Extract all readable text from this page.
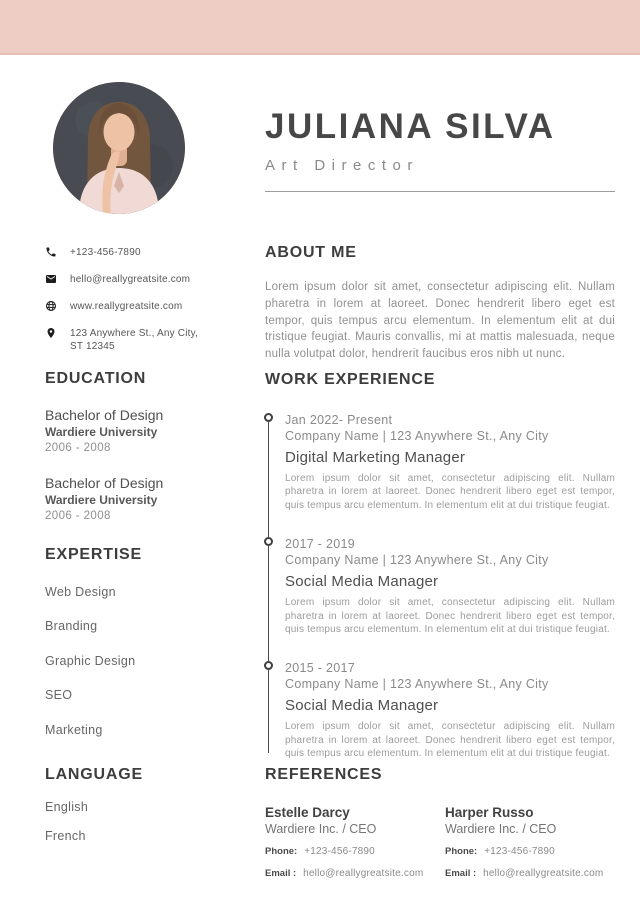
JULIANA SILVA
Art Director
+123-456-7890
hello@reallygreatsite.com
www.reallygreatsite.com
123 Anywhere St., Any City, ST 12345
EDUCATION
Bachelor of Design
Wardiere University
2006 - 2008
Bachelor of Design
Wardiere University
2006 - 2008
EXPERTISE
Web Design
Branding
Graphic Design
SEO
Marketing
LANGUAGE
English
French
ABOUT ME
Lorem ipsum dolor sit amet, consectetur adipiscing elit. Nullam pharetra in lorem at laoreet. Donec hendrerit libero eget est tempor, quis tempus arcu elementum. In elementum elit at dui tristique feugiat. Mauris convallis, mi at mattis malesuada, neque nulla volutpat dolor, hendrerit faucibus eros nibh ut nunc.
WORK EXPERIENCE
Jan 2022- Present
Company Name | 123 Anywhere St., Any City
Digital Marketing Manager
Lorem ipsum dolor sit amet, consectetur adipiscing elit. Nullam pharetra in lorem at laoreet. Donec hendrerit libero eget est tempor, quis tempus arcu elementum. In elementum elit at dui tristique feugiat.
2017 - 2019
Company Name | 123 Anywhere St., Any City
Social Media Manager
Lorem ipsum dolor sit amet, consectetur adipiscing elit. Nullam pharetra in lorem at laoreet. Donec hendrerit libero eget est tempor, quis tempus arcu elementum. In elementum elit at dui tristique feugiat.
2015 - 2017
Company Name | 123 Anywhere St., Any City
Social Media Manager
Lorem ipsum dolor sit amet, consectetur adipiscing elit. Nullam pharetra in lorem at laoreet. Donec hendrerit libero eget est tempor, quis tempus arcu elementum. In elementum elit at dui tristique feugiat.
REFERENCES
Estelle Darcy
Wardiere Inc. / CEO
Phone: +123-456-7890
Email : hello@reallygreatsite.com
Harper Russo
Wardiere Inc. / CEO
Phone: +123-456-7890
Email : hello@reallygreatsite.com
